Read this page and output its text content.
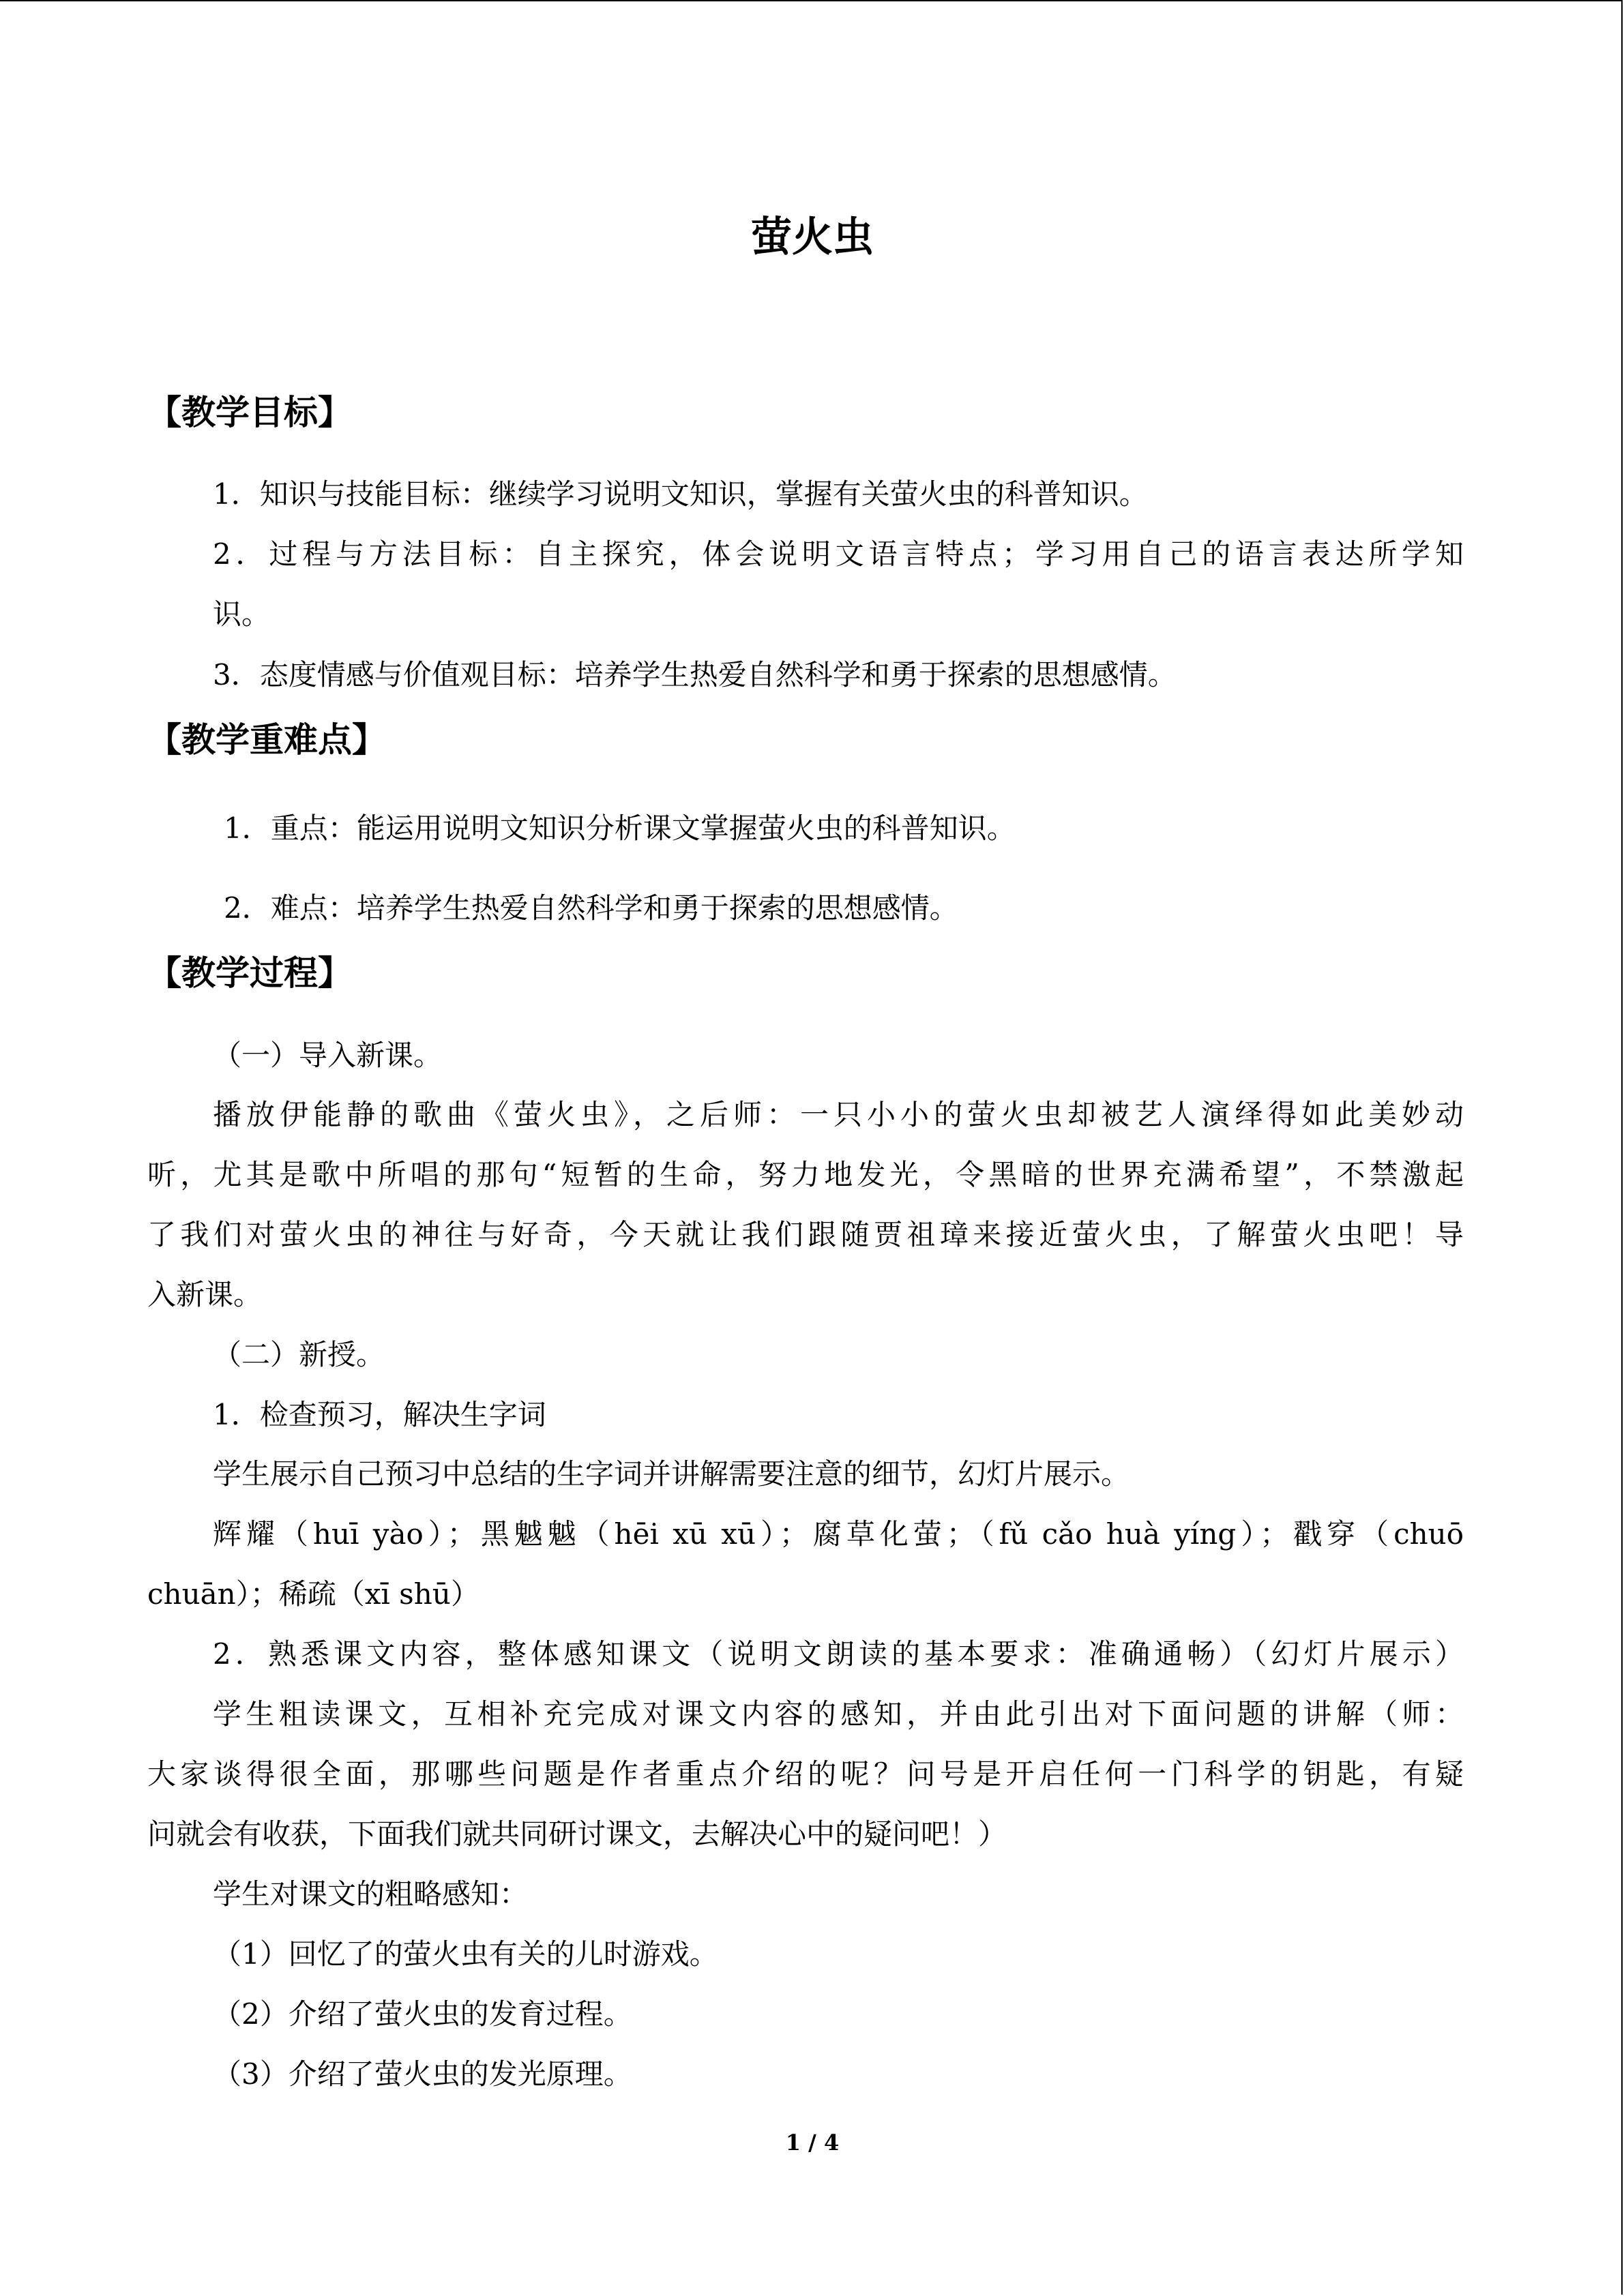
萤火虫
【教学目标】
1．知识与技能目标：继续学习说明文知识，掌握有关萤火虫的科普知识。
2．过程与方法目标：自主探究，体会说明文语言特点；学习用自己的语言表达所学知
识。
3．态度情感与价值观目标：培养学生热爱自然科学和勇于探索的思想感情。
【教学重难点】
1．重点：能运用说明文知识分析课文掌握萤火虫的科普知识。
2．难点：培养学生热爱自然科学和勇于探索的思想感情。
【教学过程】
（一）导入新课。
播放伊能静的歌曲《萤火虫》，之后师：一只小小的萤火虫却被艺人演绎得如此美妙动
听，尤其是歌中所唱的那句“短暂的生命，努力地发光，令黑暗的世界充满希望”，不禁激起
了我们对萤火虫的神往与好奇，今天就让我们跟随贾祖璋来接近萤火虫，了解萤火虫吧！导
入新课。
（二）新授。
1．检查预习，解决生字词
学生展示自己预习中总结的生字词并讲解需要注意的细节，幻灯片展示。
辉耀（huī yào）；黑魆魆（hēi xū xū）；腐草化萤；（fǔ cǎo huà yíng）；戳穿（chuō
chuān）；稀疏（xī shū）
2．熟悉课文内容，整体感知课文（说明文朗读的基本要求：准确通畅）（幻灯片展示）
学生粗读课文，互相补充完成对课文内容的感知，并由此引出对下面问题的讲解（师：
大家谈得很全面，那哪些问题是作者重点介绍的呢？问号是开启任何一门科学的钥匙，有疑
问就会有收获，下面我们就共同研讨课文，去解决心中的疑问吧！）
学生对课文的粗略感知：
（1）回忆了的萤火虫有关的儿时游戏。
（2）介绍了萤火虫的发育过程。
（3）介绍了萤火虫的发光原理。
1 / 4
